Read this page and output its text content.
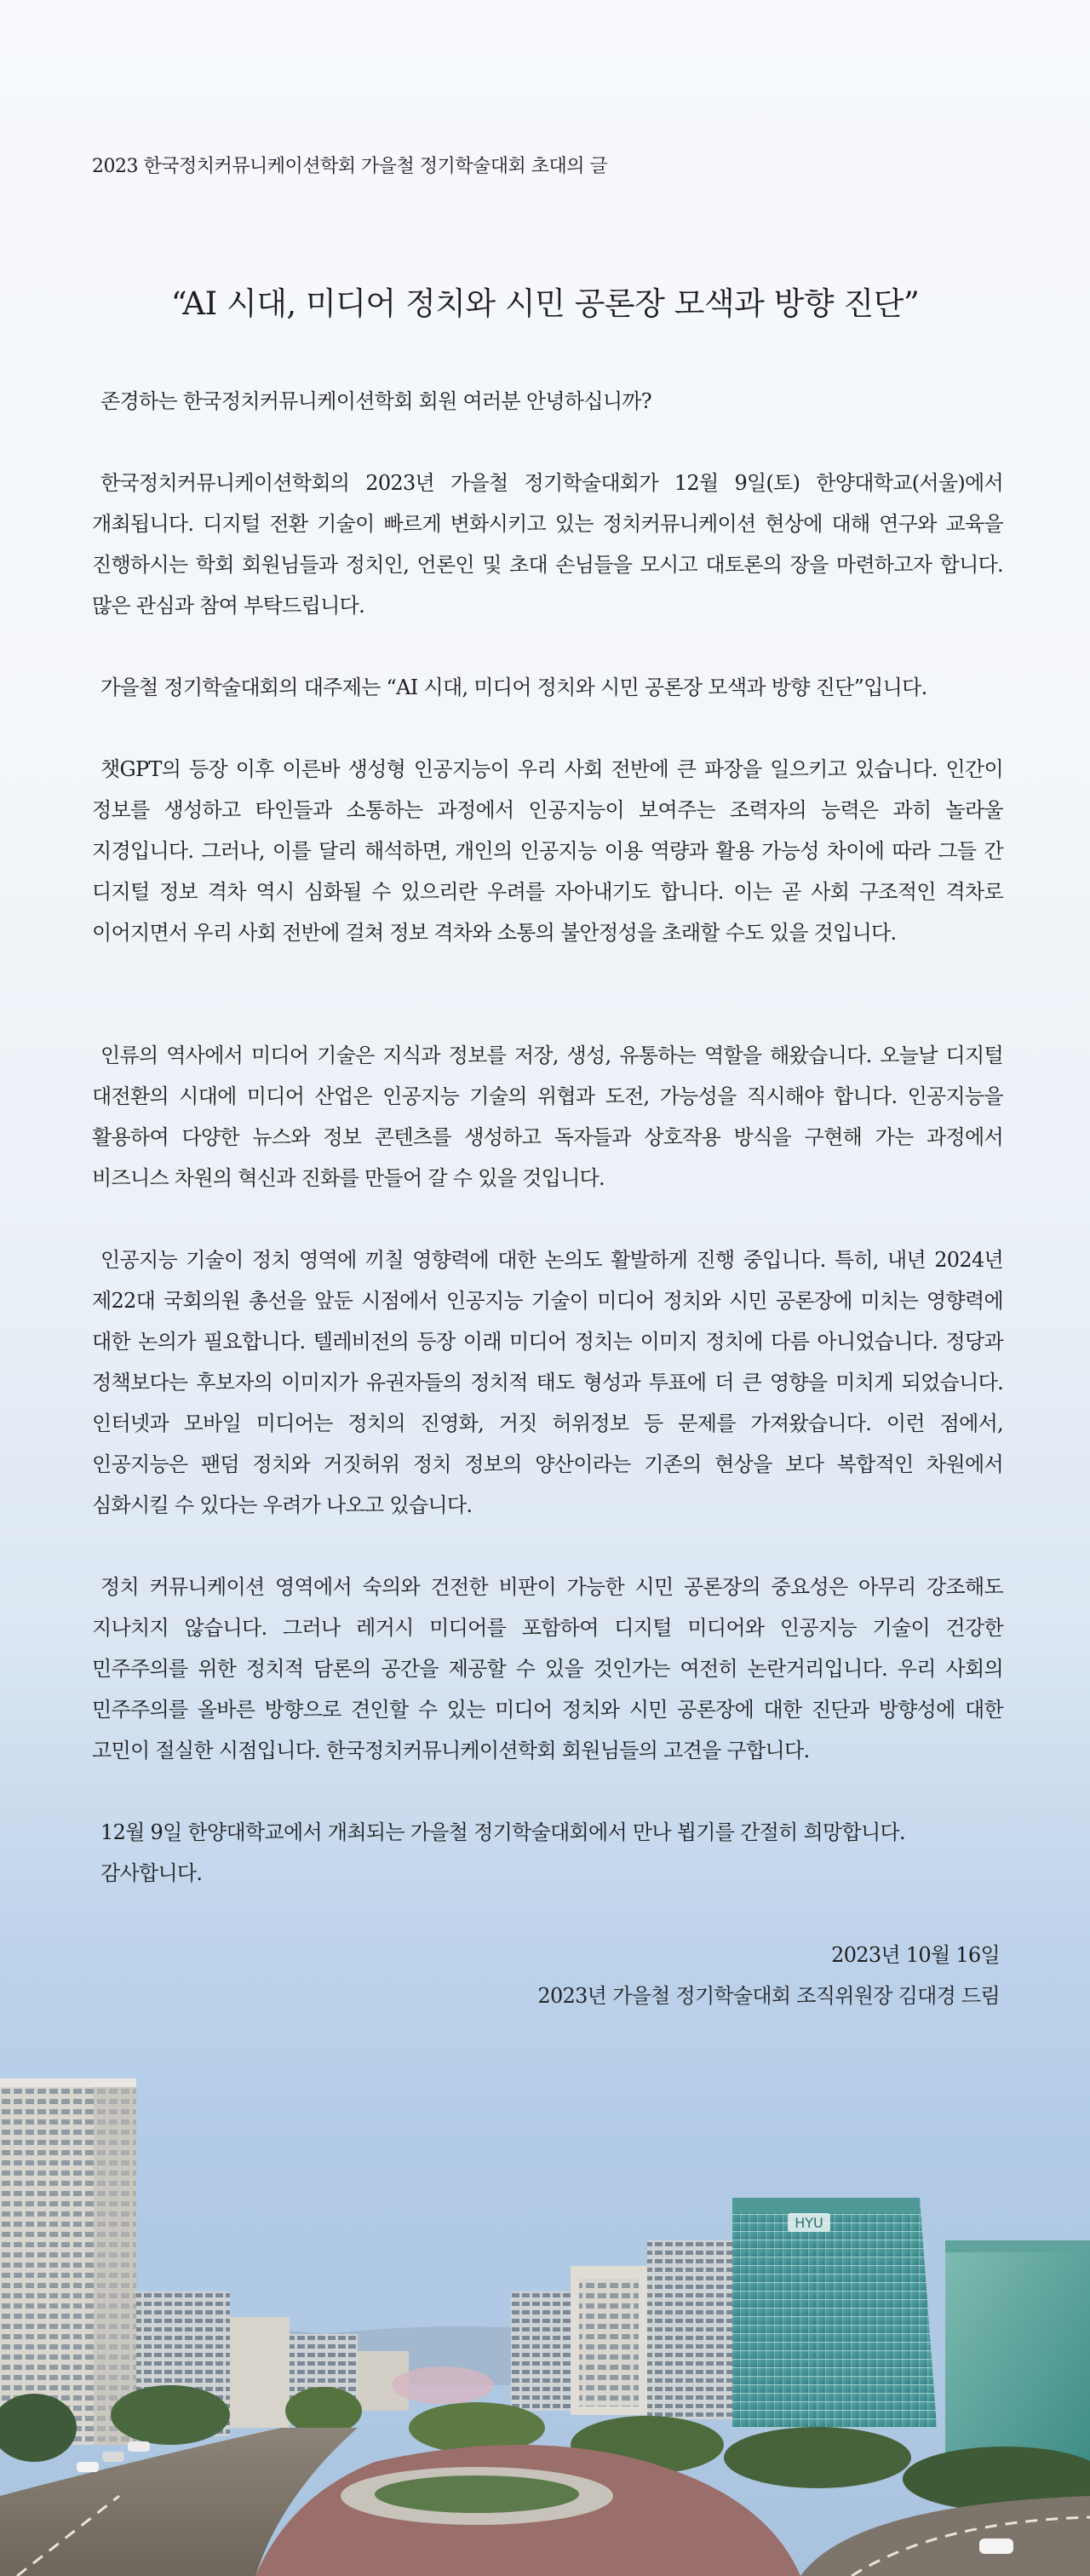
2023 한국정치커뮤니케이션학회 가을철 정기학술대회 초대의 글
“AI 시대, 미디어 정치와 시민 공론장 모색과 방향 진단”
존경하는 한국정치커뮤니케이션학회 회원 여러분 안녕하십니까?
한국정치커뮤니케이션학회의 2023년 가을철 정기학술대회가 12월 9일(토) 한양대학교(서울)에서 개최됩니다. 디지털 전환 기술이 빠르게 변화시키고 있는 정치커뮤니케이션 현상에 대해 연구와 교육을 진행하시는 학회 회원님들과 정치인, 언론인 및 초대 손님들을 모시고 대토론의 장을 마련하고자 합니다. 많은 관심과 참여 부탁드립니다.
가을철 정기학술대회의 대주제는 “AI 시대, 미디어 정치와 시민 공론장 모색과 방향 진단”입니다.
챗GPT의 등장 이후 이른바 생성형 인공지능이 우리 사회 전반에 큰 파장을 일으키고 있습니다. 인간이 정보를 생성하고 타인들과 소통하는 과정에서 인공지능이 보여주는 조력자의 능력은 과히 놀라울 지경입니다. 그러나, 이를 달리 해석하면, 개인의 인공지능 이용 역량과 활용 가능성 차이에 따라 그들 간 디지털 정보 격차 역시 심화될 수 있으리란 우려를 자아내기도 합니다. 이는 곧 사회 구조적인 격차로 이어지면서 우리 사회 전반에 걸쳐 정보 격차와 소통의 불안정성을 초래할 수도 있을 것입니다.
인류의 역사에서 미디어 기술은 지식과 정보를 저장, 생성, 유통하는 역할을 해왔습니다. 오늘날 디지털 대전환의 시대에 미디어 산업은 인공지능 기술의 위협과 도전, 가능성을 직시해야 합니다. 인공지능을 활용하여 다양한 뉴스와 정보 콘텐츠를 생성하고 독자들과 상호작용 방식을 구현해 가는 과정에서 비즈니스 차원의 혁신과 진화를 만들어 갈 수 있을 것입니다.
인공지능 기술이 정치 영역에 끼칠 영향력에 대한 논의도 활발하게 진행 중입니다. 특히, 내년 2024년 제22대 국회의원 총선을 앞둔 시점에서 인공지능 기술이 미디어 정치와 시민 공론장에 미치는 영향력에 대한 논의가 필요합니다. 텔레비전의 등장 이래 미디어 정치는 이미지 정치에 다름 아니었습니다. 정당과 정책보다는 후보자의 이미지가 유권자들의 정치적 태도 형성과 투표에 더 큰 영향을 미치게 되었습니다. 인터넷과 모바일 미디어는 정치의 진영화, 거짓 허위정보 등 문제를 가져왔습니다. 이런 점에서, 인공지능은 팬덤 정치와 거짓허위 정치 정보의 양산이라는 기존의 현상을 보다 복합적인 차원에서 심화시킬 수 있다는 우려가 나오고 있습니다.
정치 커뮤니케이션 영역에서 숙의와 건전한 비판이 가능한 시민 공론장의 중요성은 아무리 강조해도 지나치지 않습니다. 그러나 레거시 미디어를 포함하여 디지털 미디어와 인공지능 기술이 건강한 민주주의를 위한 정치적 담론의 공간을 제공할 수 있을 것인가는 여전히 논란거리입니다. 우리 사회의 민주주의를 올바른 방향으로 견인할 수 있는 미디어 정치와 시민 공론장에 대한 진단과 방향성에 대한 고민이 절실한 시점입니다. 한국정치커뮤니케이션학회 회원님들의 고견을 구합니다.
12월 9일 한양대학교에서 개최되는 가을철 정기학술대회에서 만나 뵙기를 간절히 희망합니다.
감사합니다.
2023년 10월 16일
HYU
